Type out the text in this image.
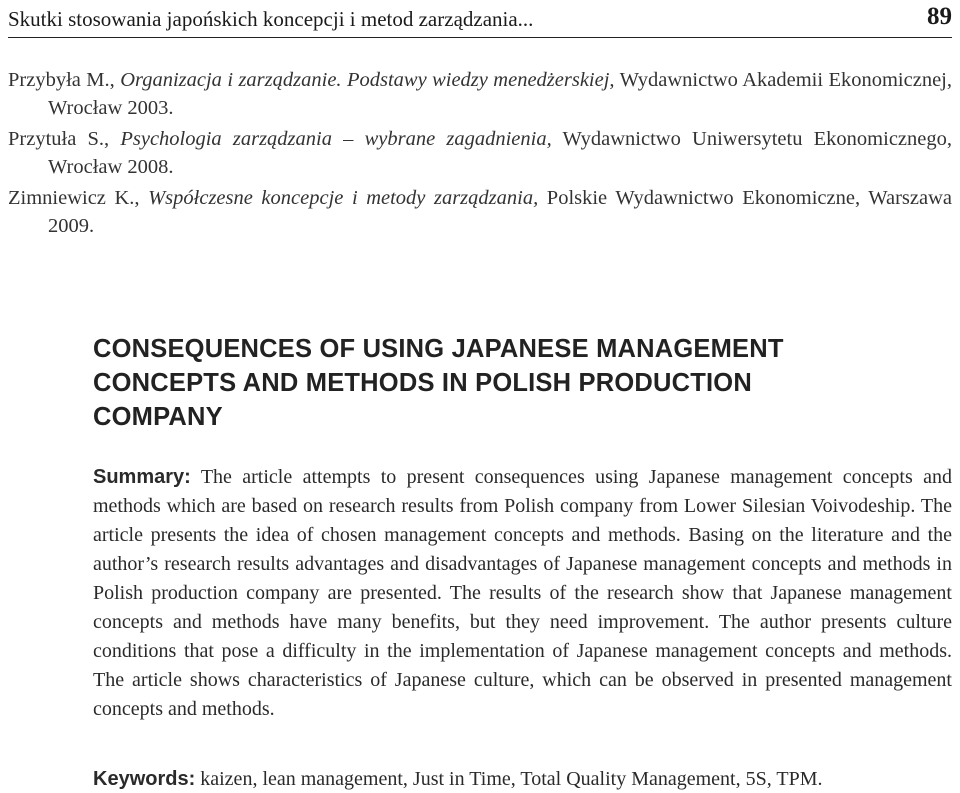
Skutki stosowania japońskich koncepcji i metod zarządzania...	89

Przybyła M., Organizacja i zarządzanie. Podstawy wiedzy menedżerskiej, Wydawnictwo Akademii Ekonomicznej, Wrocław 2003.

Przytuła S., Psychologia zarządzania – wybrane zagadnienia, Wydawnictwo Uniwersytetu Ekonomicznego, Wrocław 2008.

Zimniewicz K., Współczesne koncepcje i metody zarządzania, Polskie Wydawnictwo Ekonomiczne, Warszawa 2009.

CONSEQUENCES OF USING JAPANESE MANAGEMENT
CONCEPTS AND METHODS IN POLISH PRODUCTION
COMPANY
Summary: The article attempts to present consequences using Japanese management concepts and methods which are based on research results from Polish company from Lower Silesian Voivodeship. The article presents the idea of chosen management concepts and methods. Basing on the literature and the author’s research results advantages and disadvantages of Japanese management concepts and methods in Polish production company are presented. The results of the research show that Japanese management concepts and methods have many benefits, but they need improvement. The author presents culture conditions that pose a difficulty in the implementation of Japanese management concepts and methods. The article shows characteristics of Japanese culture, which can be observed in presented management concepts and methods.
Keywords: kaizen, lean management, Just in Time, Total Quality Management, 5S, TPM.
